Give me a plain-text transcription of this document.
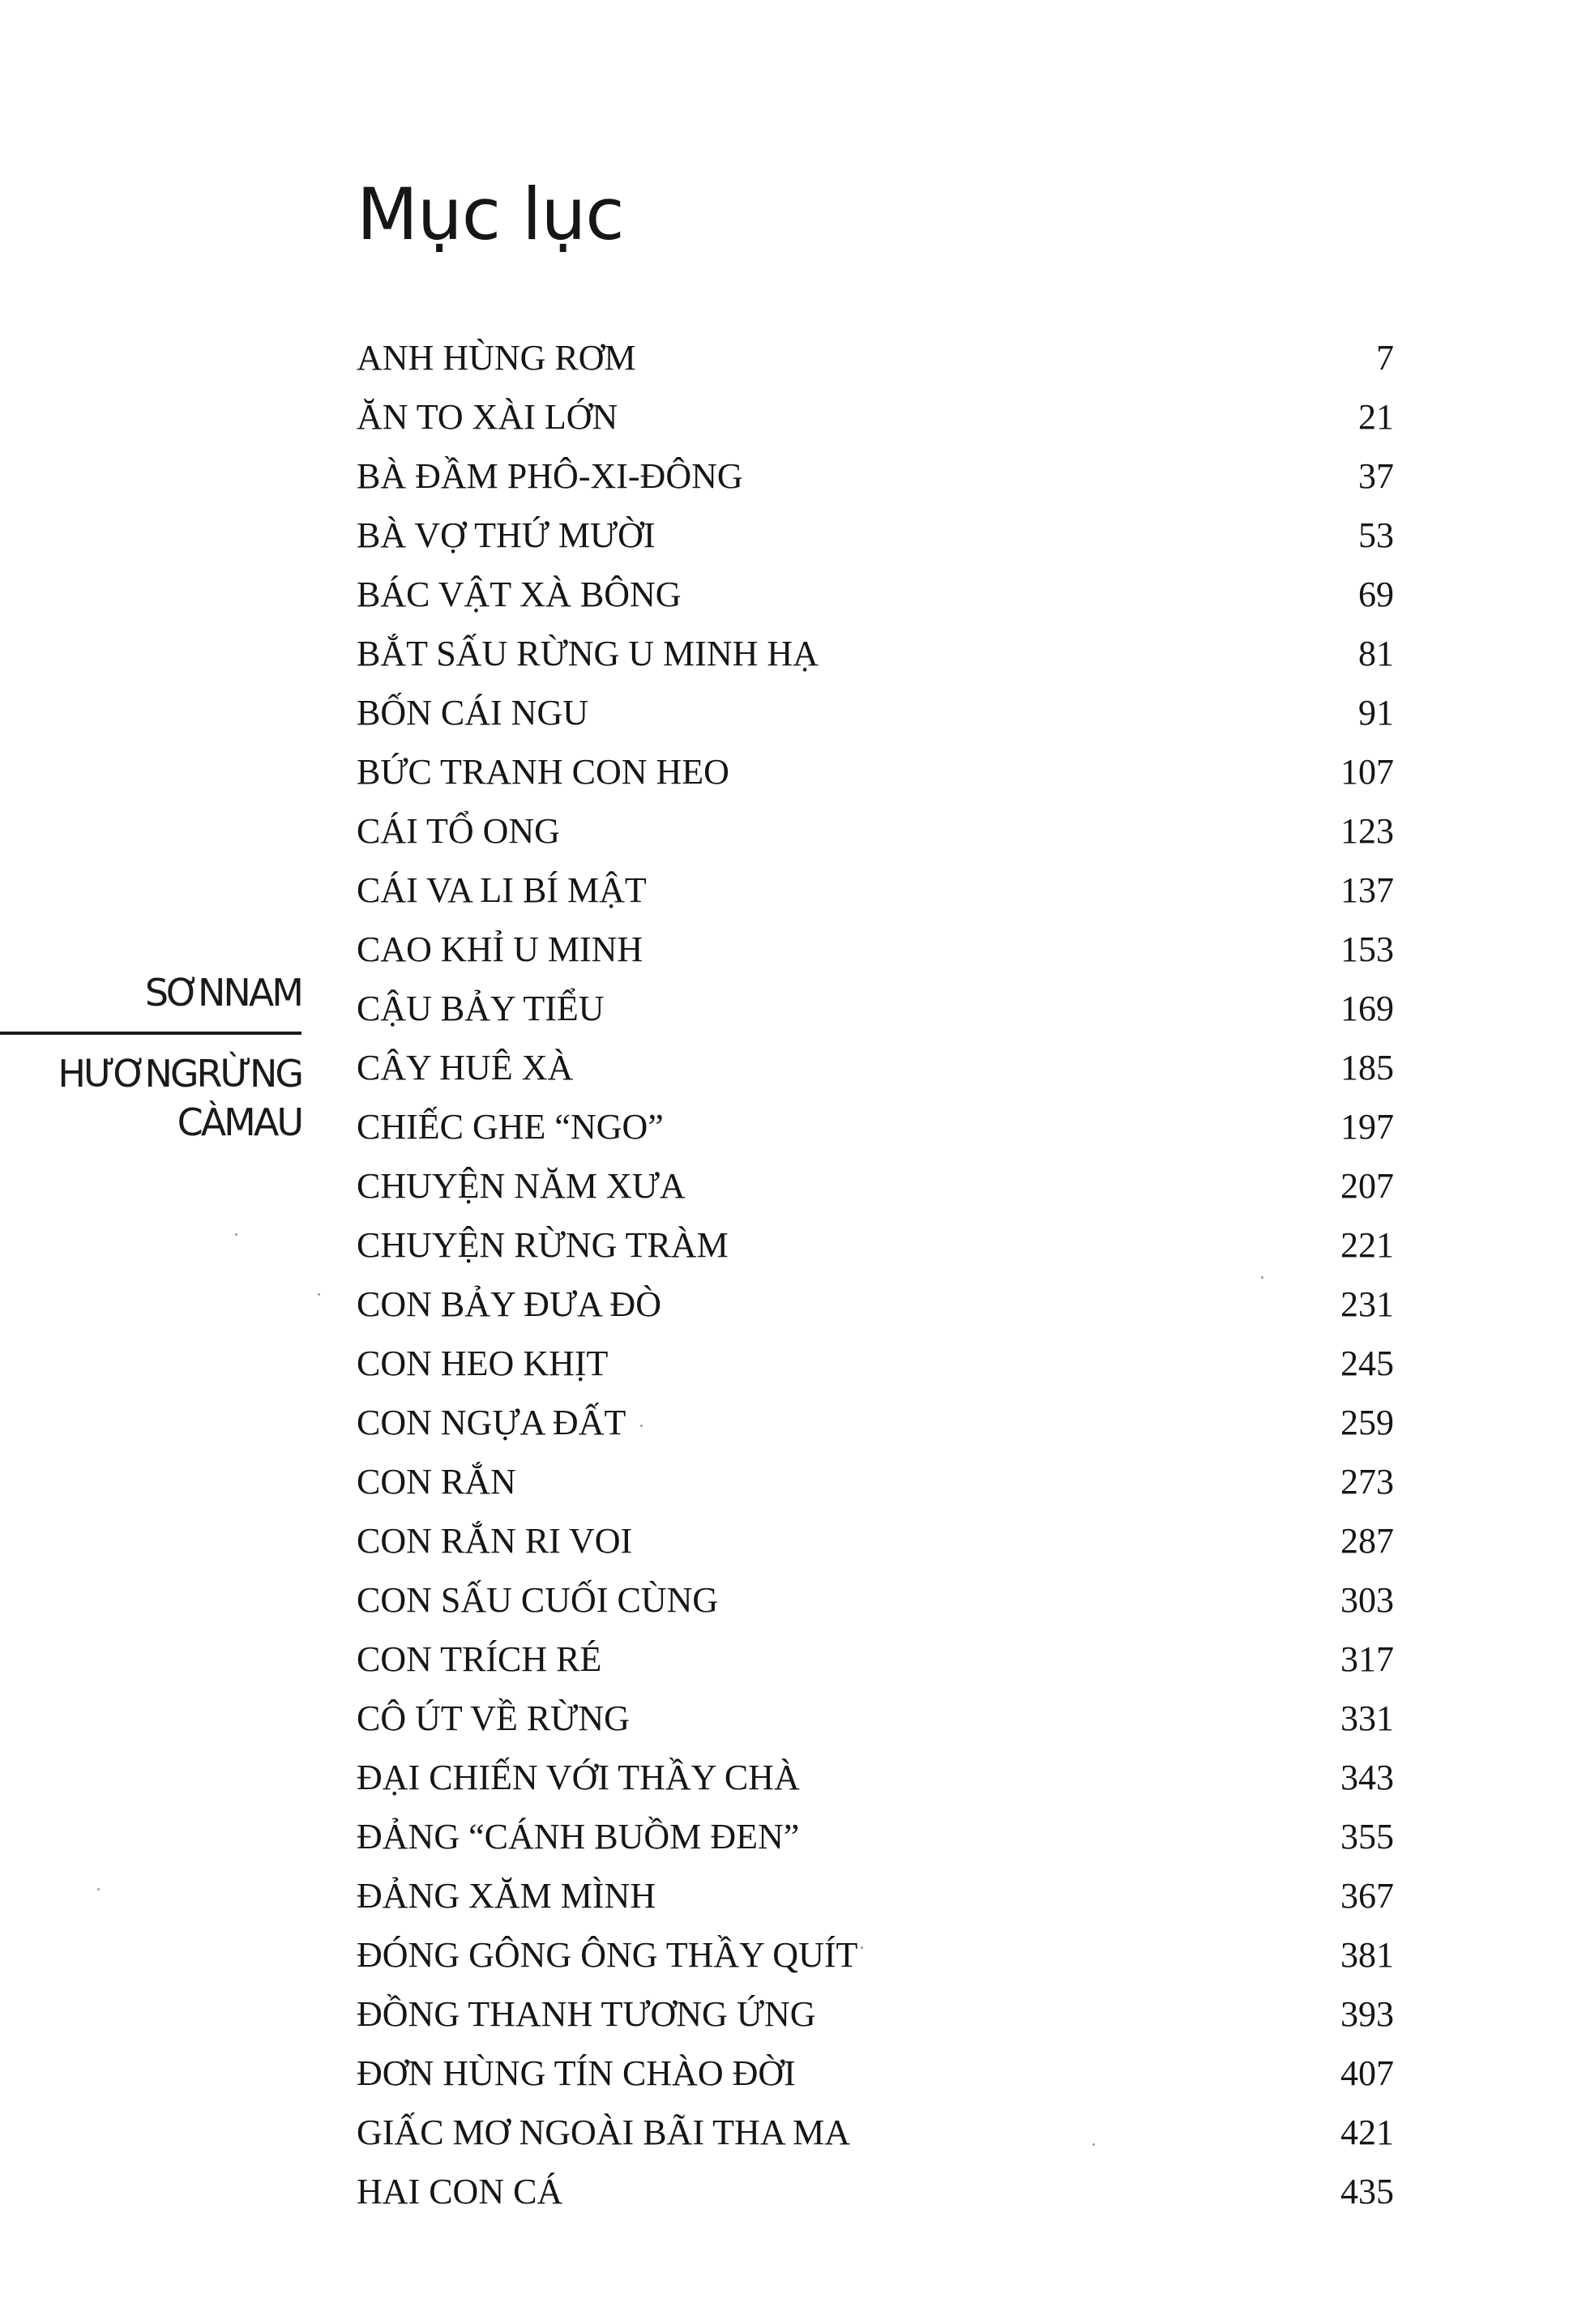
Mục lục
SƠNNAM
HƯƠNGRỪNG
CÀMAU
ANH HÙNG RƠM	7
ĂN TO XÀI LỚN	21
BÀ ĐẦM PHÔ-XI-ĐÔNG	37
BÀ VỢ THỨ MƯỜI	53
BÁC VẬT XÀ BÔNG	69
BẮT SẤU RỪNG U MINH HẠ	81
BỐN CÁI NGU	91
BỨC TRANH CON HEO	107
CÁI TỔ ONG	123
CÁI VA LI BÍ MẬT	137
CAO KHỈ U MINH	153
CẬU BẢY TIỂU	169
CÂY HUÊ XÀ	185
CHIẾC GHE “NGO”	197
CHUYỆN NĂM XƯA	207
CHUYỆN RỪNG TRÀM	221
CON BẢY ĐƯA ĐÒ	231
CON HEO KHỊT	245
CON NGỰA ĐẤT	259
CON RẮN	273
CON RẮN RI VOI	287
CON SẤU CUỐI CÙNG	303
CON TRÍCH RÉ	317
CÔ ÚT VỀ RỪNG	331
ĐẠI CHIẾN VỚI THẦY CHÀ	343
ĐẢNG “CÁNH BUỒM ĐEN”	355
ĐẢNG XĂM MÌNH	367
ĐÓNG GÔNG ÔNG THẦY QUÍT	381
ĐỒNG THANH TƯƠNG ỨNG	393
ĐƠN HÙNG TÍN CHÀO ĐỜI	407
GIẤC MƠ NGOÀI BÃI THA MA	421
HAI CON CÁ	435
